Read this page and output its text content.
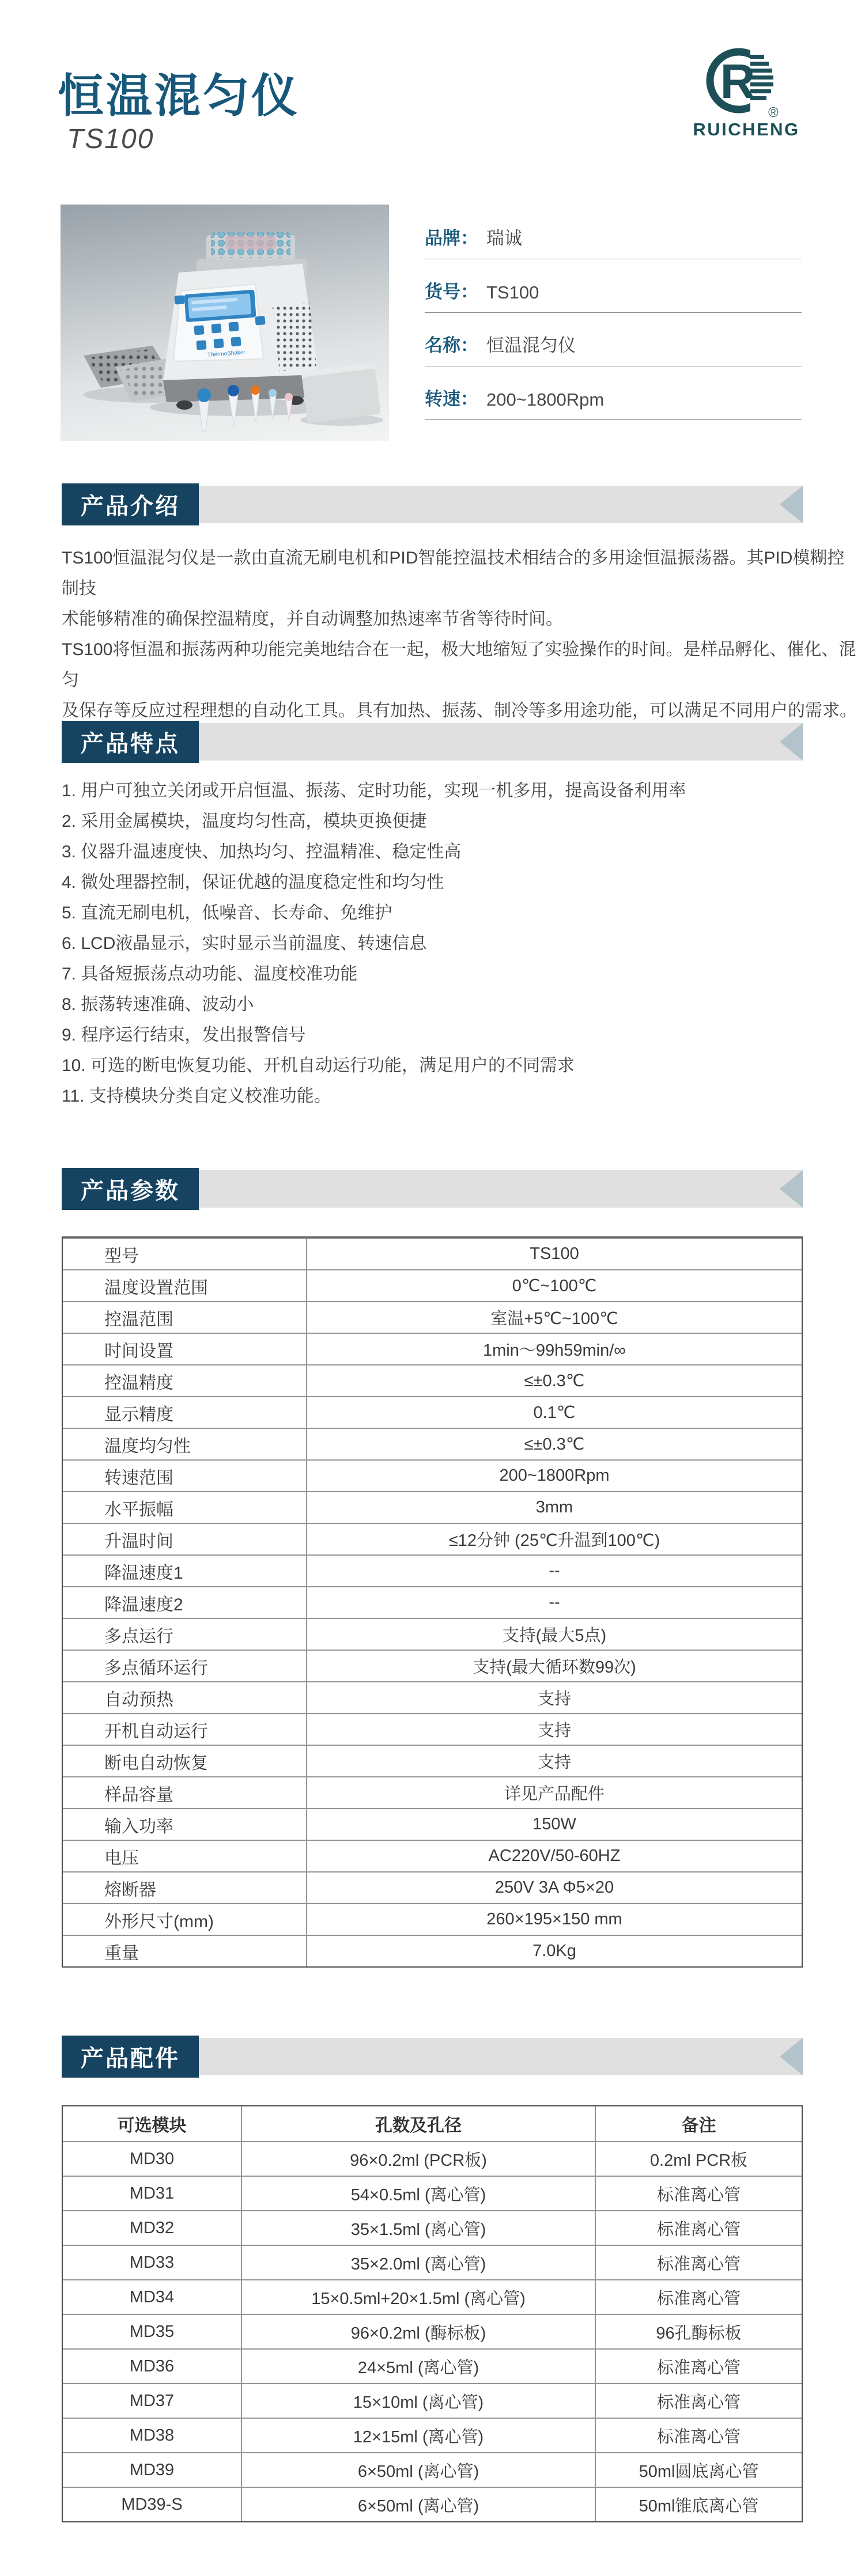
恒温混匀仪
TS100
R
®
RUICHENG
ThermoShaker
品牌： 瑞诚
货号： TS100
名称： 恒温混匀仪
转速： 200~1800Rpm
产品介绍
TS100恒温混匀仪是一款由直流无刷电机和PID智能控温技术相结合的多用途恒温振荡器。其PID模糊控制技
术能够精准的确保控温精度，并自动调整加热速率节省等待时间。
TS100将恒温和振荡两种功能完美地结合在一起，极大地缩短了实验操作的时间。是样品孵化、催化、混匀
及保存等反应过程理想的自动化工具。具有加热、振荡、制冷等多用途功能，可以满足不同用户的需求。
产品特点
1. 用户可独立关闭或开启恒温、振荡、定时功能，实现一机多用，提高设备利用率
2. 采用金属模块，温度均匀性高，模块更换便捷
3. 仪器升温速度快、加热均匀、控温精准、稳定性高
4. 微处理器控制，保证优越的温度稳定性和均匀性
5. 直流无刷电机，低噪音、长寿命、免维护
6. LCD液晶显示，实时显示当前温度、转速信息
7. 具备短振荡点动功能、温度校准功能
8. 振荡转速准确、波动小
9. 程序运行结束，发出报警信号
10. 可选的断电恢复功能、开机自动运行功能，满足用户的不同需求
11. 支持模块分类自定义校准功能。
产品参数
型号	TS100
温度设置范围	0℃~100℃
控温范围	室温+5℃~100℃
时间设置	1min～99h59min/∞
控温精度	≤±0.3℃
显示精度	0.1℃
温度均匀性	≤±0.3℃
转速范围	200~1800Rpm
水平振幅	3mm
升温时间	≤12分钟 (25℃升温到100℃)
降温速度1	--
降温速度2	--
多点运行	支持(最大5点)
多点循环运行	支持(最大循环数99次)
自动预热	支持
开机自动运行	支持
断电自动恢复	支持
样品容量	详见产品配件
输入功率	150W
电压	AC220V/50-60HZ
熔断器	250V 3A Φ5×20
外形尺寸(mm)	260×195×150 mm
重量	7.0Kg
产品配件
可选模块	孔数及孔径	备注
MD30	96×0.2ml (PCR板)	0.2ml PCR板
MD31	54×0.5ml (离心管)	标准离心管
MD32	35×1.5ml (离心管)	标准离心管
MD33	35×2.0ml (离心管)	标准离心管
MD34	15×0.5ml+20×1.5ml (离心管)	标准离心管
MD35	96×0.2ml (酶标板)	96孔酶标板
MD36	24×5ml (离心管)	标准离心管
MD37	15×10ml (离心管)	标准离心管
MD38	12×15ml (离心管)	标准离心管
MD39	6×50ml (离心管)	50ml圆底离心管
MD39-S	6×50ml (离心管)	50ml锥底离心管
